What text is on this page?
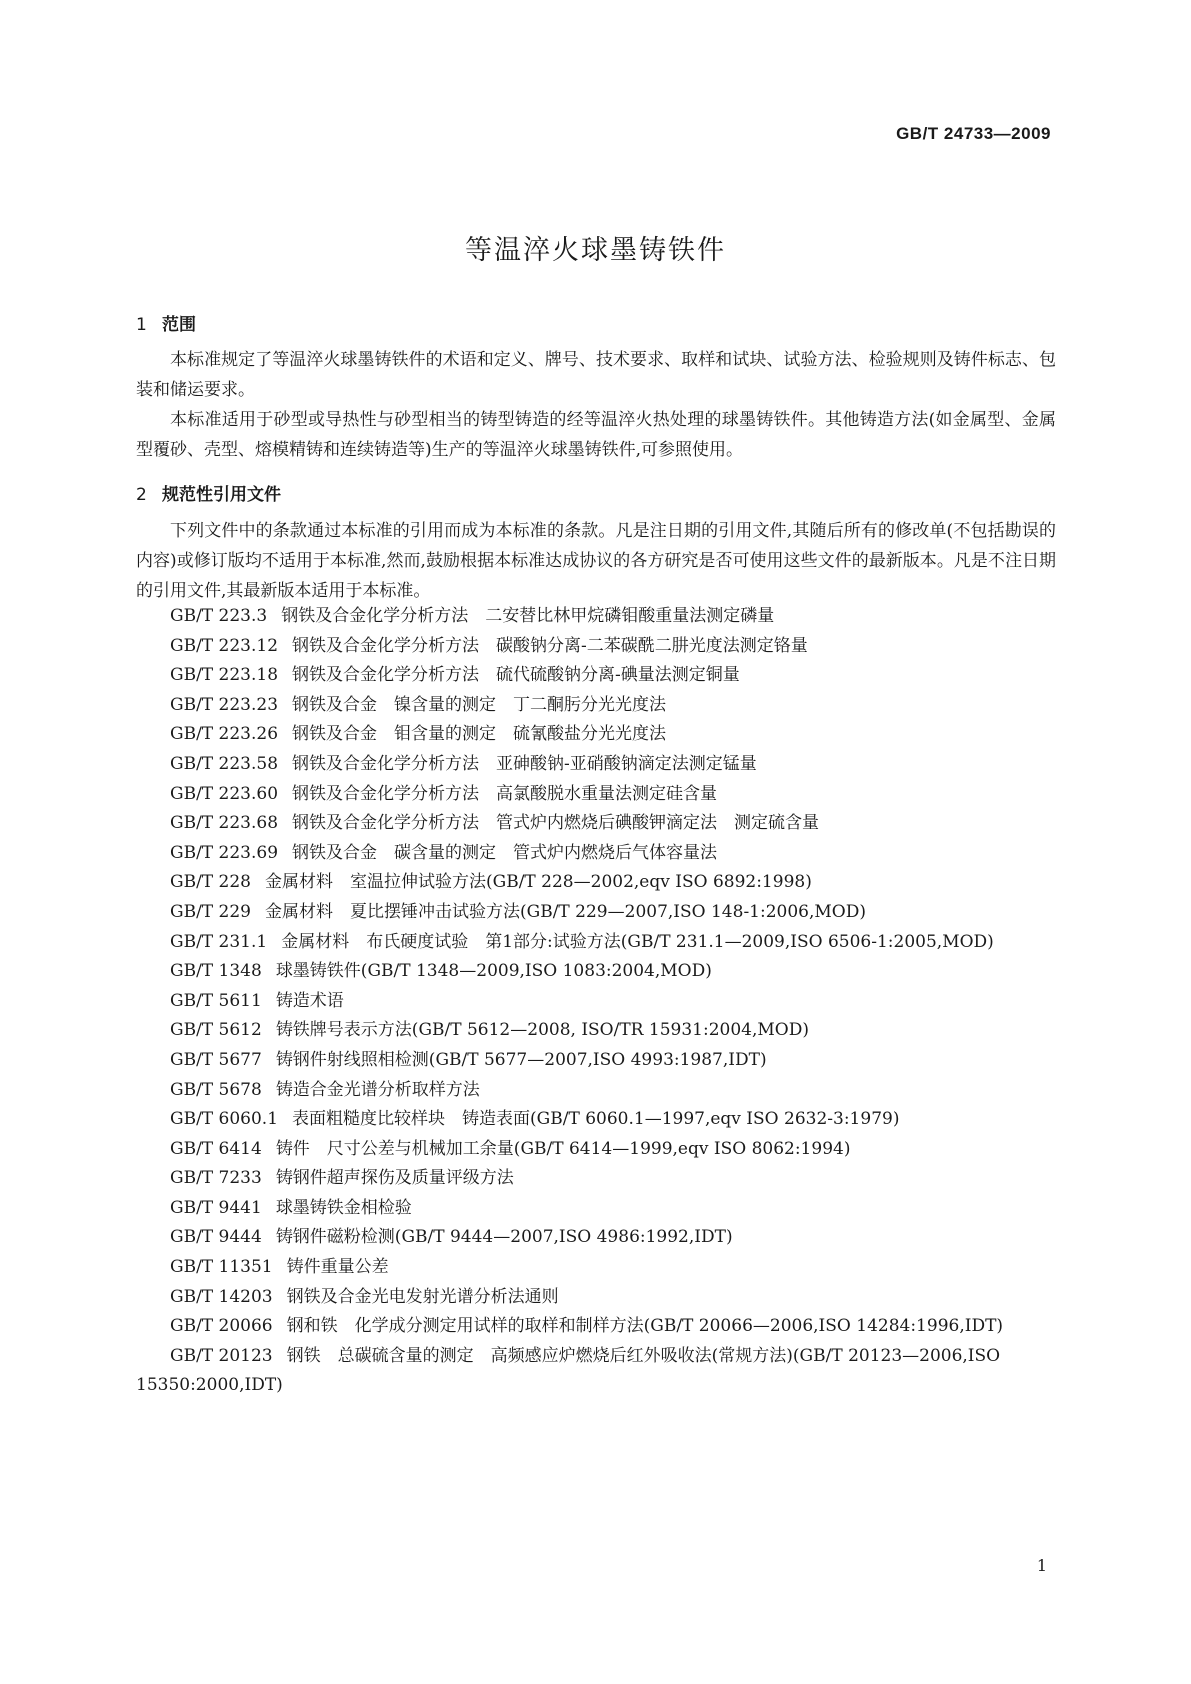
GB/T 24733—2009
等温淬火球墨铸铁件
1 范围

本标准规定了等温淬火球墨铸铁件的术语和定义、牌号、技术要求、取样和试块、试验方法、检验规则及铸件标志、包装和储运要求。

本标准适用于砂型或导热性与砂型相当的铸型铸造的经等温淬火热处理的球墨铸铁件。其他铸造方法(如金属型、金属型覆砂、壳型、熔模精铸和连续铸造等)生产的等温淬火球墨铸铁件,可参照使用。

2 规范性引用文件

下列文件中的条款通过本标准的引用而成为本标准的条款。凡是注日期的引用文件,其随后所有的修改单(不包括勘误的内容)或修订版均不适用于本标准,然而,鼓励根据本标准达成协议的各方研究是否可使用这些文件的最新版本。凡是不注日期的引用文件,其最新版本适用于本标准。

GB/T 223.3 钢铁及合金化学分析方法　二安替比林甲烷磷钼酸重量法测定磷量

GB/T 223.12 钢铁及合金化学分析方法　碳酸钠分离-二苯碳酰二肼光度法测定铬量

GB/T 223.18 钢铁及合金化学分析方法　硫代硫酸钠分离-碘量法测定铜量

GB/T 223.23 钢铁及合金　镍含量的测定　丁二酮肟分光光度法

GB/T 223.26 钢铁及合金　钼含量的测定　硫氰酸盐分光光度法

GB/T 223.58 钢铁及合金化学分析方法　亚砷酸钠-亚硝酸钠滴定法测定锰量

GB/T 223.60 钢铁及合金化学分析方法　高氯酸脱水重量法测定硅含量

GB/T 223.68 钢铁及合金化学分析方法　管式炉内燃烧后碘酸钾滴定法　测定硫含量

GB/T 223.69 钢铁及合金　碳含量的测定　管式炉内燃烧后气体容量法

GB/T 228 金属材料　室温拉伸试验方法(GB/T 228—2002,eqv ISO 6892:1998)

GB/T 229 金属材料　夏比摆锤冲击试验方法(GB/T 229—2007,ISO 148-1:2006,MOD)

GB/T 231.1 金属材料　布氏硬度试验　第1部分:试验方法(GB/T 231.1—2009,ISO 6506-1:2005,MOD)

GB/T 1348 球墨铸铁件(GB/T 1348—2009,ISO 1083:2004,MOD)

GB/T 5611 铸造术语

GB/T 5612 铸铁牌号表示方法(GB/T 5612—2008, ISO/TR 15931:2004,MOD)

GB/T 5677 铸钢件射线照相检测(GB/T 5677—2007,ISO 4993:1987,IDT)

GB/T 5678 铸造合金光谱分析取样方法

GB/T 6060.1 表面粗糙度比较样块　铸造表面(GB/T 6060.1—1997,eqv ISO 2632-3:1979)

GB/T 6414 铸件　尺寸公差与机械加工余量(GB/T 6414—1999,eqv ISO 8062:1994)

GB/T 7233 铸钢件超声探伤及质量评级方法

GB/T 9441 球墨铸铁金相检验

GB/T 9444 铸钢件磁粉检测(GB/T 9444—2007,ISO 4986:1992,IDT)

GB/T 11351 铸件重量公差

GB/T 14203 钢铁及合金光电发射光谱分析法通则

GB/T 20066 钢和铁　化学成分测定用试样的取样和制样方法(GB/T 20066—2006,ISO 14284:1996,IDT)

GB/T 20123 钢铁　总碳硫含量的测定　高频感应炉燃烧后红外吸收法(常规方法)(GB/T 20123—2006,ISO 15350:2000,IDT)

1
